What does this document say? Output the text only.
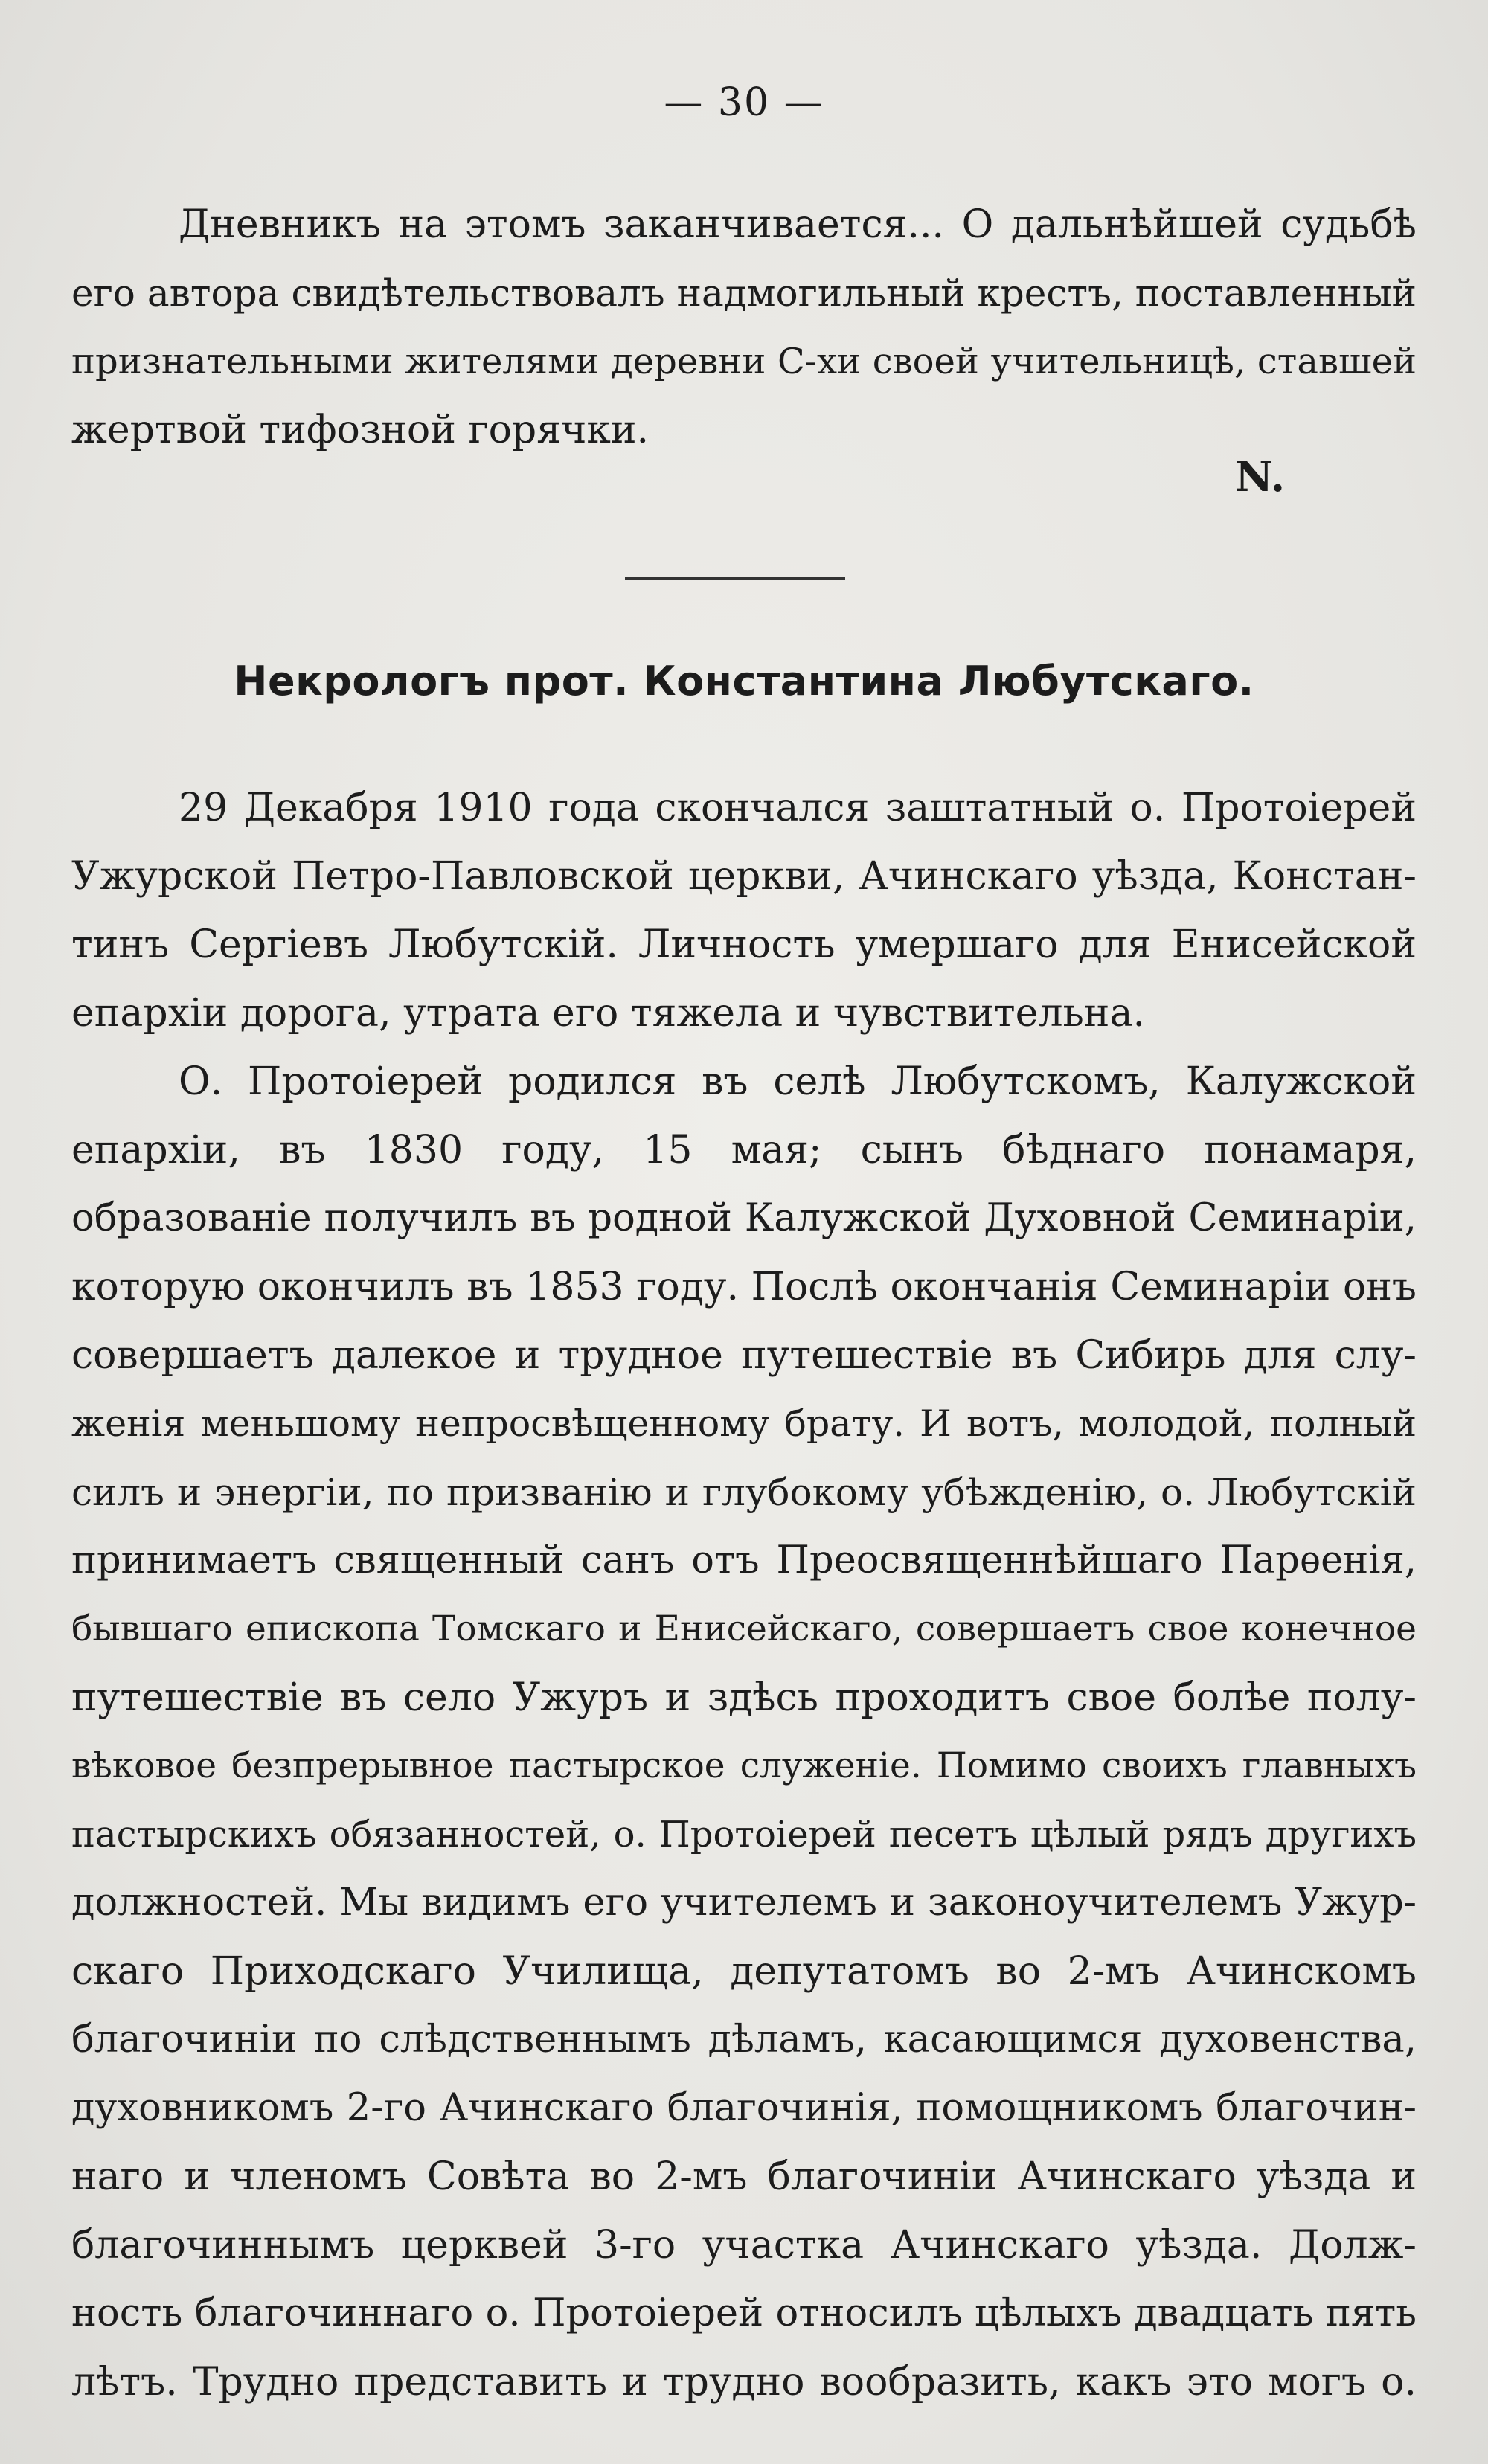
— 30 —

Дневникъ на этомъ заканчивается... О дальнѣйшей судьбѣ
его автора свидѣтельствовалъ надмогильный крестъ, поставленный
признательными жителями деревни С-хи своей учительницѣ, ставшей
жертвой тифозной горячки.

N.

Некрологъ прот. Константина Любутскаго.
29 Декабря 1910 года скончался заштатный о. Протоіерей
Ужурской Петро-Павловской церкви, Ачинскаго уѣзда, Констан-
тинъ Сергіевъ Любутскій. Личность умершаго для Енисейской
епархіи дорога, утрата его тяжела и чувствительна.
О. Протоіерей родился въ селѣ Любутскомъ, Калужской
епархіи, въ 1830 году, 15 мая; сынъ бѣднаго понамаря,
образованіе получилъ въ родной Калужской Духовной Семинаріи,
которую окончилъ въ 1853 году. Послѣ окончанія Семинаріи онъ
совершаетъ далекое и трудное путешествіе въ Сибирь для слу-
женія меньшому непросвѣщенному брату. И вотъ, молодой, полный
силъ и энергіи, по призванію и глубокому убѣжденію, о. Любутскій
принимаетъ священный санъ отъ Преосвященнѣйшаго Парѳенія,
бывшаго епископа Томскаго и Енисейскаго, совершаетъ свое конечное
путешествіе въ село Ужуръ и здѣсь проходитъ свое болѣе полу-
вѣковое безпрерывное пастырское служеніе. Помимо своихъ главныхъ
пастырскихъ обязанностей, о. Протоіерей песетъ цѣлый рядъ другихъ
должностей. Мы видимъ его учителемъ и законоучителемъ Ужур-
скаго Приходскаго Училища, депутатомъ во 2-мъ Ачинскомъ
благочиніи по слѣдственнымъ дѣламъ, касающимся духовенства,
духовникомъ 2-го Ачинскаго благочинія, помощникомъ благочин-
наго и членомъ Совѣта во 2-мъ благочиніи Ачинскаго уѣзда и
благочиннымъ церквей 3-го участка Ачинскаго уѣзда. Долж-
ность благочиннаго о. Протоіерей относилъ цѣлыхъ двадцать пять
лѣтъ. Трудно представить и трудно вообразить, какъ это могъ о.
